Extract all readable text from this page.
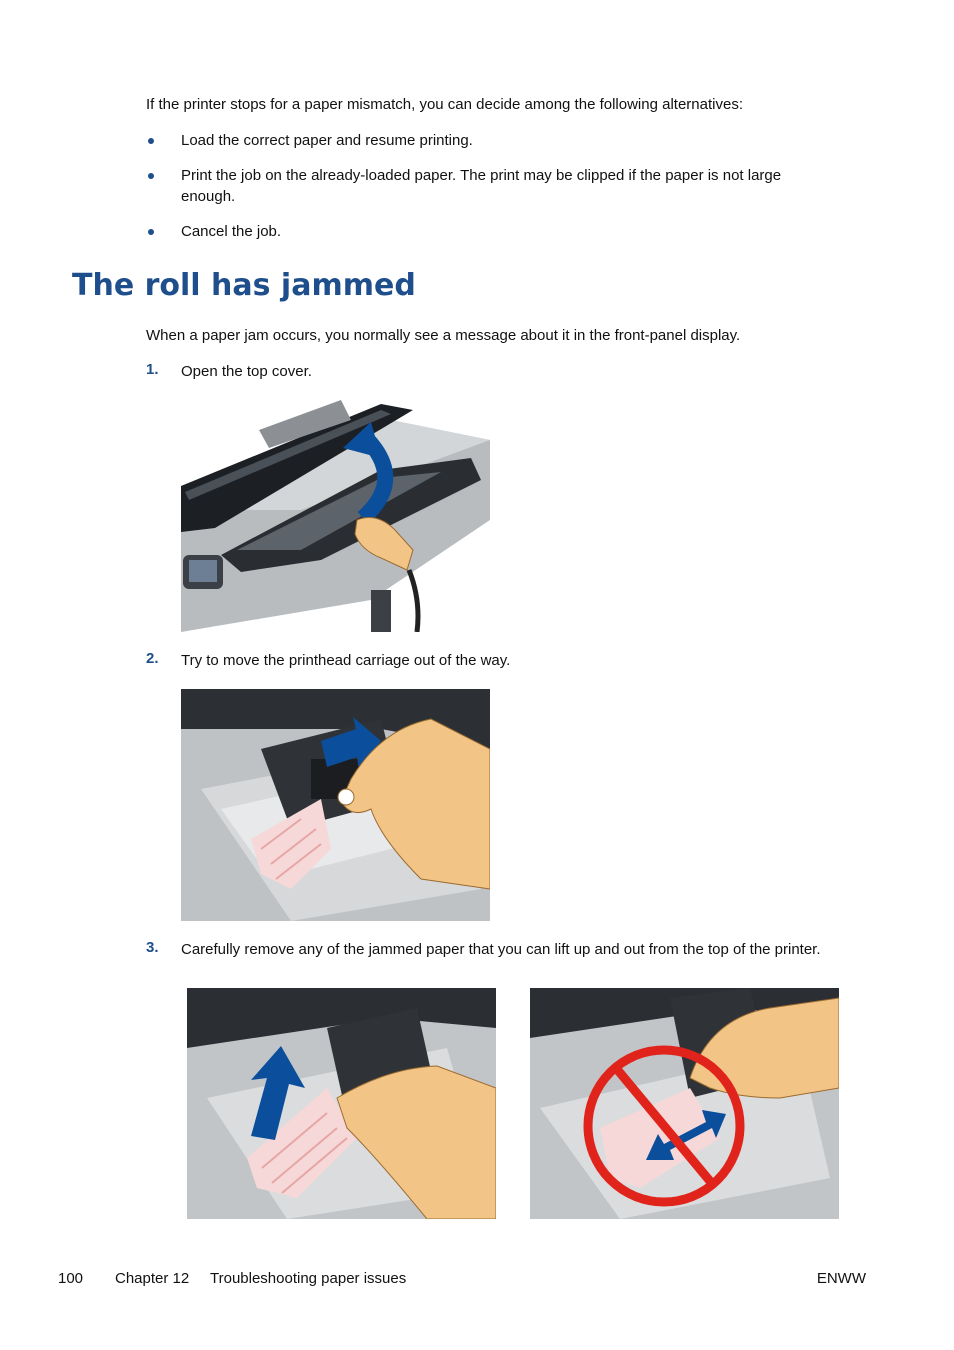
If the printer stops for a paper mismatch, you can decide among the following alternatives:
Load the correct paper and resume printing.
Print the job on the already-loaded paper. The print may be clipped if the paper is not large
enough.
Cancel the job.
The roll has jammed
When a paper jam occurs, you normally see a message about it in the front-panel display.
1. Open the top cover.
2. Try to move the printhead carriage out of the way.
3. Carefully remove any of the jammed paper that you can lift up and out from the top of the printer.
100 Chapter 12 Troubleshooting paper issues	ENWW
